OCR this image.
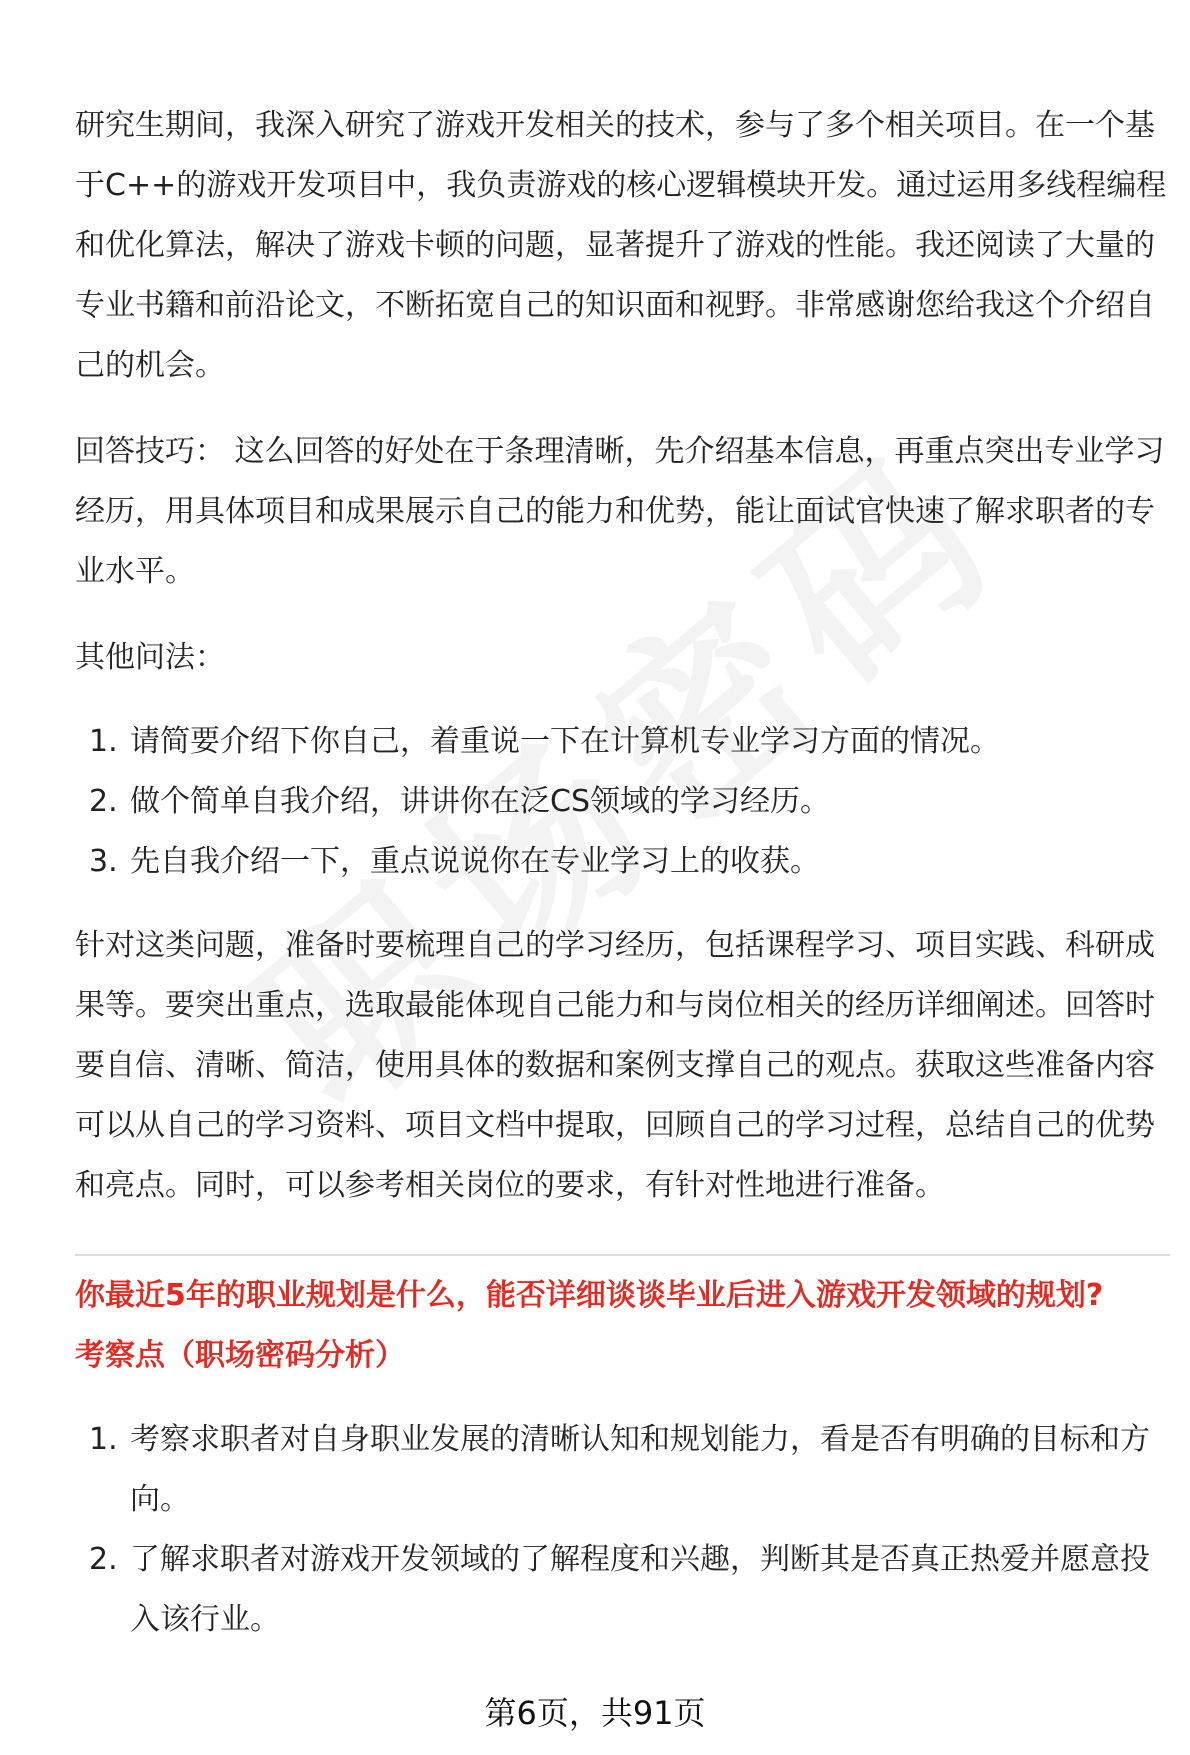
研究生期间，我深入研究了游戏开发相关的技术，参与了多个相关项目。在一个基于C++的游戏开发项目中，我负责游戏的核心逻辑模块开发。通过运用多线程编程和优化算法，解决了游戏卡顿的问题，显著提升了游戏的性能。我还阅读了大量的专业书籍和前沿论文，不断拓宽自己的知识面和视野。非常感谢您给我这个介绍自己的机会。

回答技巧： 这么回答的好处在于条理清晰，先介绍基本信息，再重点突出专业学习经历，用具体项目和成果展示自己的能力和优势，能让面试官快速了解求职者的专业水平。

其他问法：

1. 请简要介绍下你自己，着重说一下在计算机专业学习方面的情况。
2. 做个简单自我介绍，讲讲你在泛CS领域的学习经历。
3. 先自我介绍一下，重点说说你在专业学习上的收获。

针对这类问题，准备时要梳理自己的学习经历，包括课程学习、项目实践、科研成果等。要突出重点，选取最能体现自己能力和与岗位相关的经历详细阐述。回答时要自信、清晰、简洁，使用具体的数据和案例支撑自己的观点。获取这些准备内容可以从自己的学习资料、项目文档中提取，回顾自己的学习过程，总结自己的优势和亮点。同时，可以参考相关岗位的要求，有针对性地进行准备。

你最近5年的职业规划是什么，能否详细谈谈毕业后进入游戏开发领域的规划?

考察点（职场密码分析）

1. 考察求职者对自身职业发展的清晰认知和规划能力，看是否有明确的目标和方向。
2. 了解求职者对游戏开发领域的了解程度和兴趣，判断其是否真正热爱并愿意投入该行业。
第6页，共91页
